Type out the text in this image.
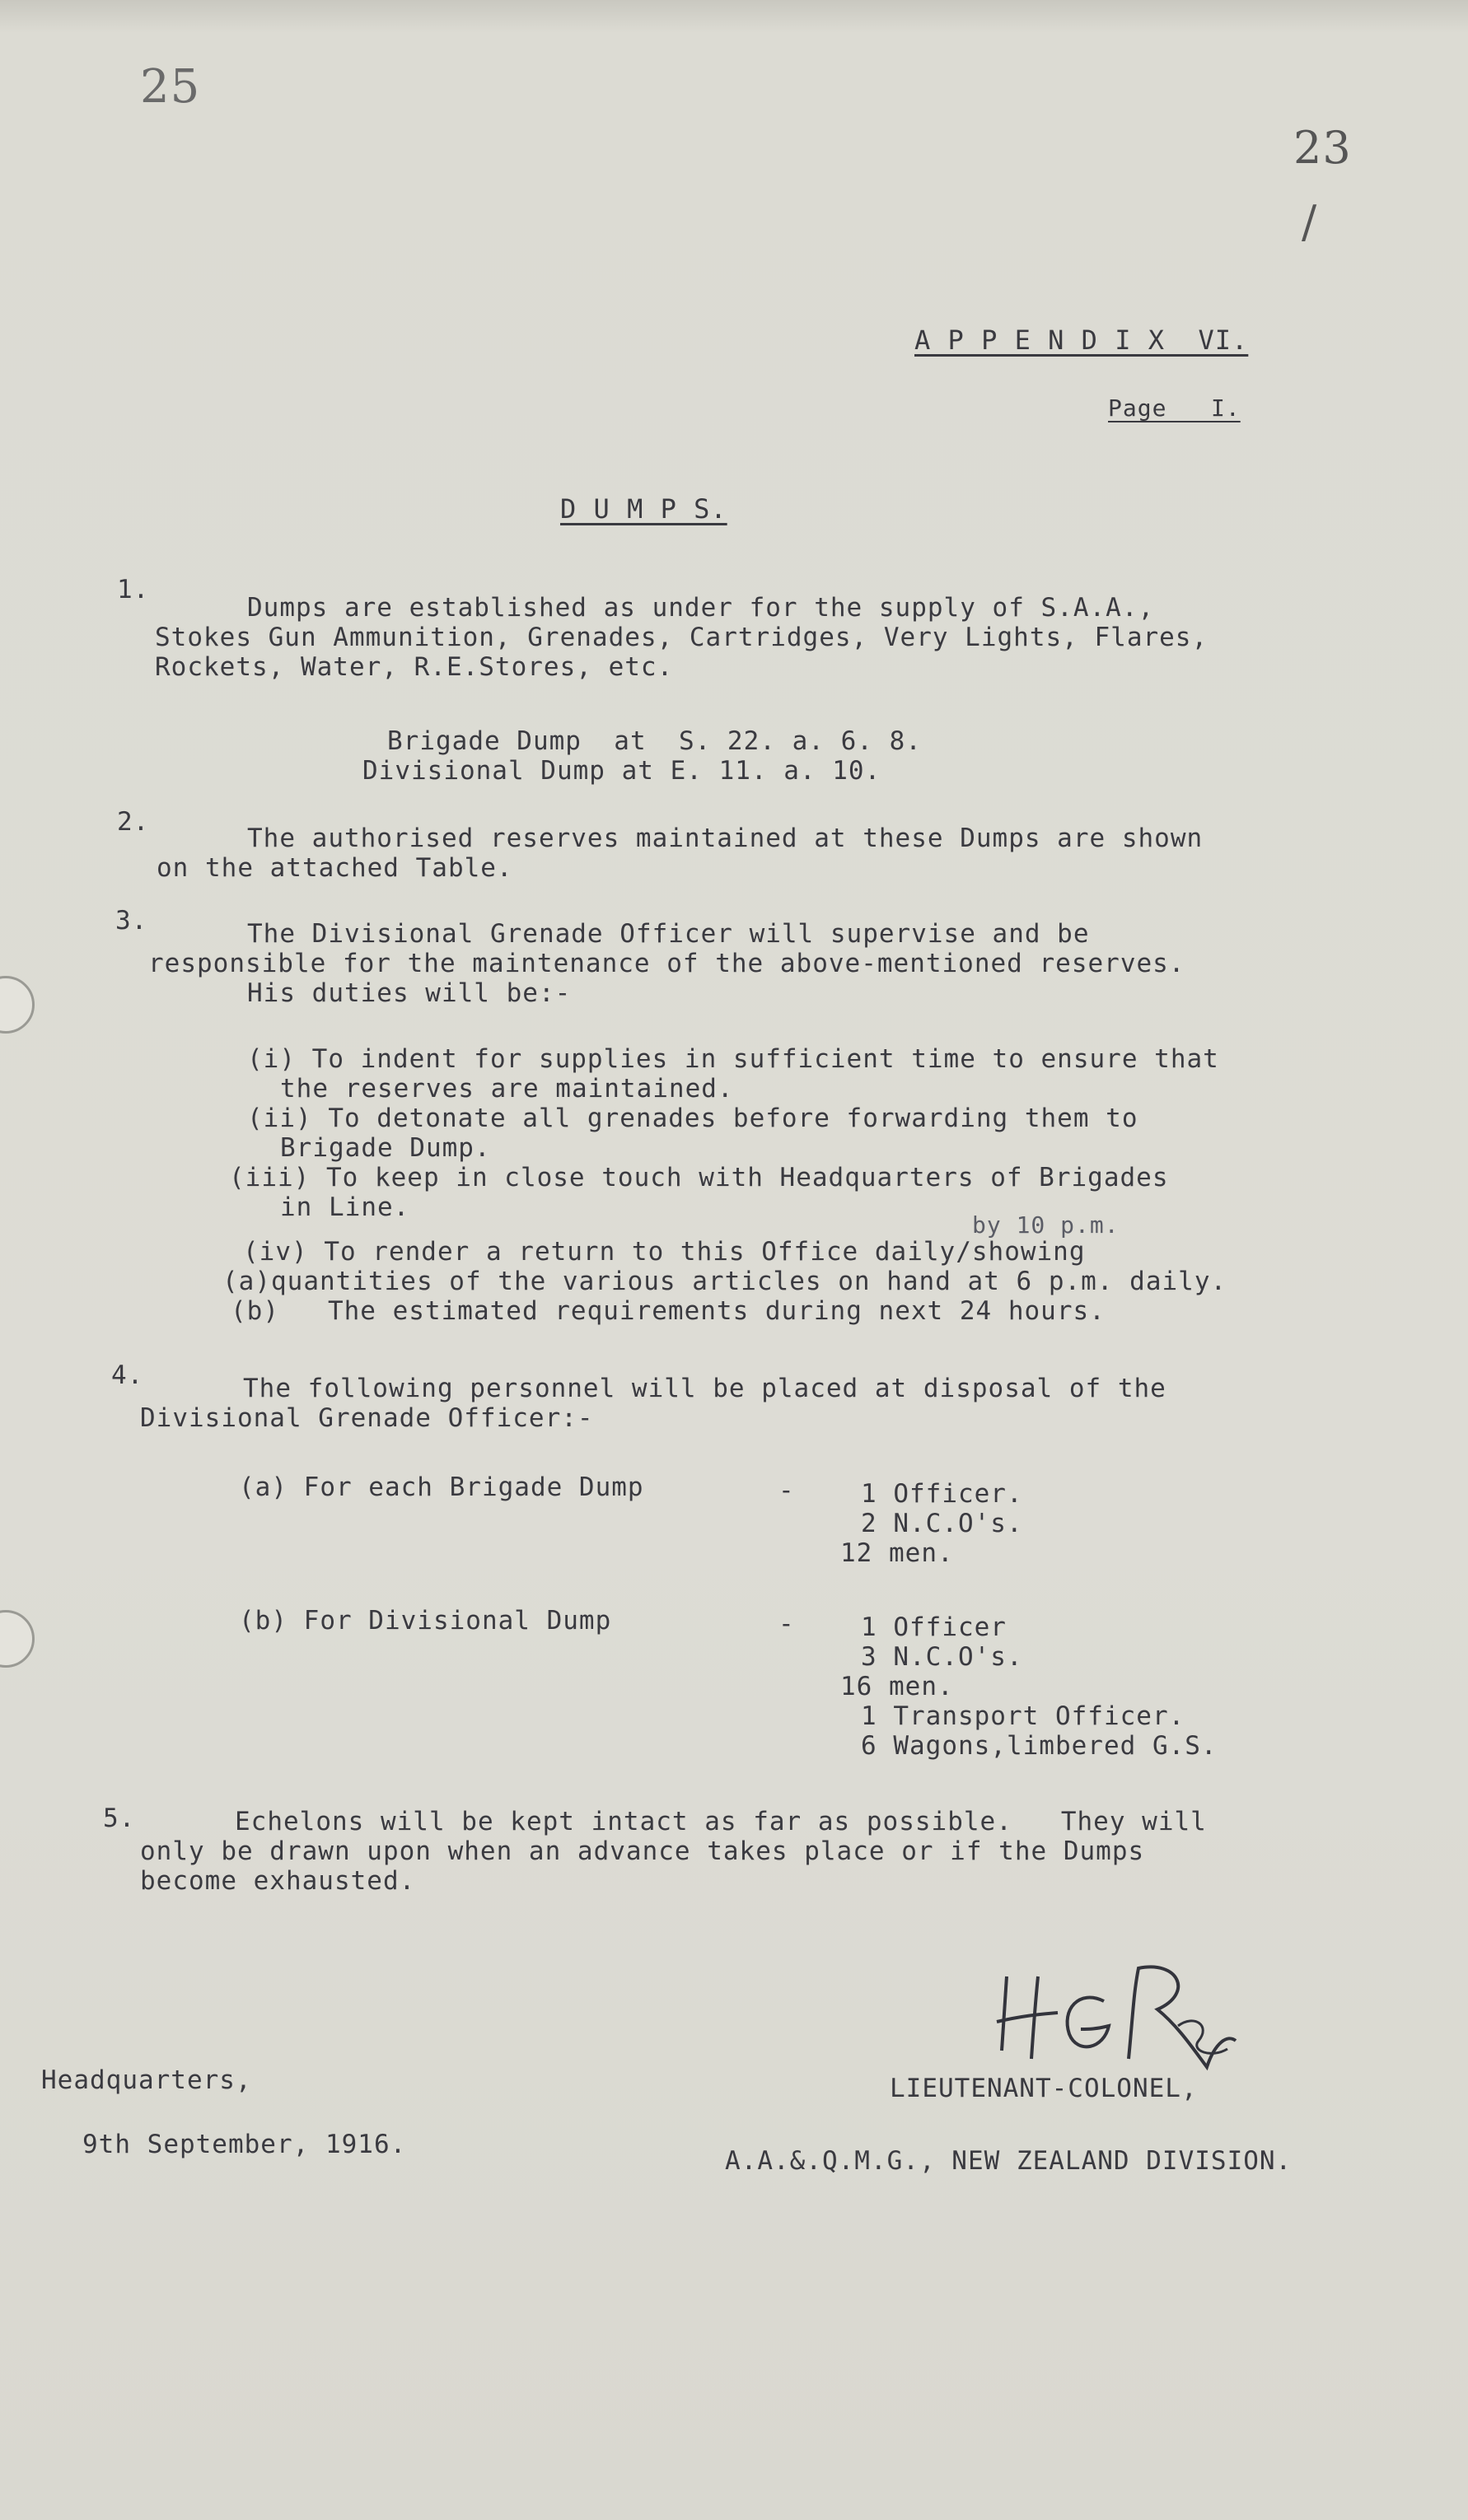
25
23
/
A P P E N D I X  VI.
Page   I.
D U M P S.
1.
Dumps are established as under for the supply of S.A.A.,
Stokes Gun Ammunition, Grenades, Cartridges, Very Lights, Flares,
Rockets, Water, R.E.Stores, etc.
Brigade Dump  at  S. 22. a. 6. 8.
Divisional Dump at E. 11. a. 10.
2.
The authorised reserves maintained at these Dumps are shown
on the attached Table.
3.	The Divisional Grenade Officer will supervise and be
responsible for the maintenance of the above-mentioned reserves.
His duties will be:-
(i) To indent for supplies in sufficient time to ensure that
the reserves are maintained.
(ii) To detonate all grenades before forwarding them to
Brigade Dump.
(iii) To keep in close touch with Headquarters of Brigades
in Line.
by 10 p.m.
(iv) To render a return to this Office daily/showing
(a)quantities of the various articles on hand at 6 p.m. daily.
(b)   The estimated requirements during next 24 hours.
4.	The following personnel will be placed at disposal of the
Divisional Grenade Officer:-
(a) For each Brigade Dump	-	1 Officer.
2 N.C.O's.
12 men.
(b) For Divisional Dump	-	1 Officer
3 N.C.O's.
16 men.
1 Transport Officer.
6 Wagons,limbered G.S.
5.	Echelons will be kept intact as far as possible.   They will
only be drawn upon when an advance takes place or if the Dumps
become exhausted.
Headquarters,
9th September, 1916.
LIEUTENANT-COLONEL,
A.A.&.Q.M.G., NEW ZEALAND DIVISION.
